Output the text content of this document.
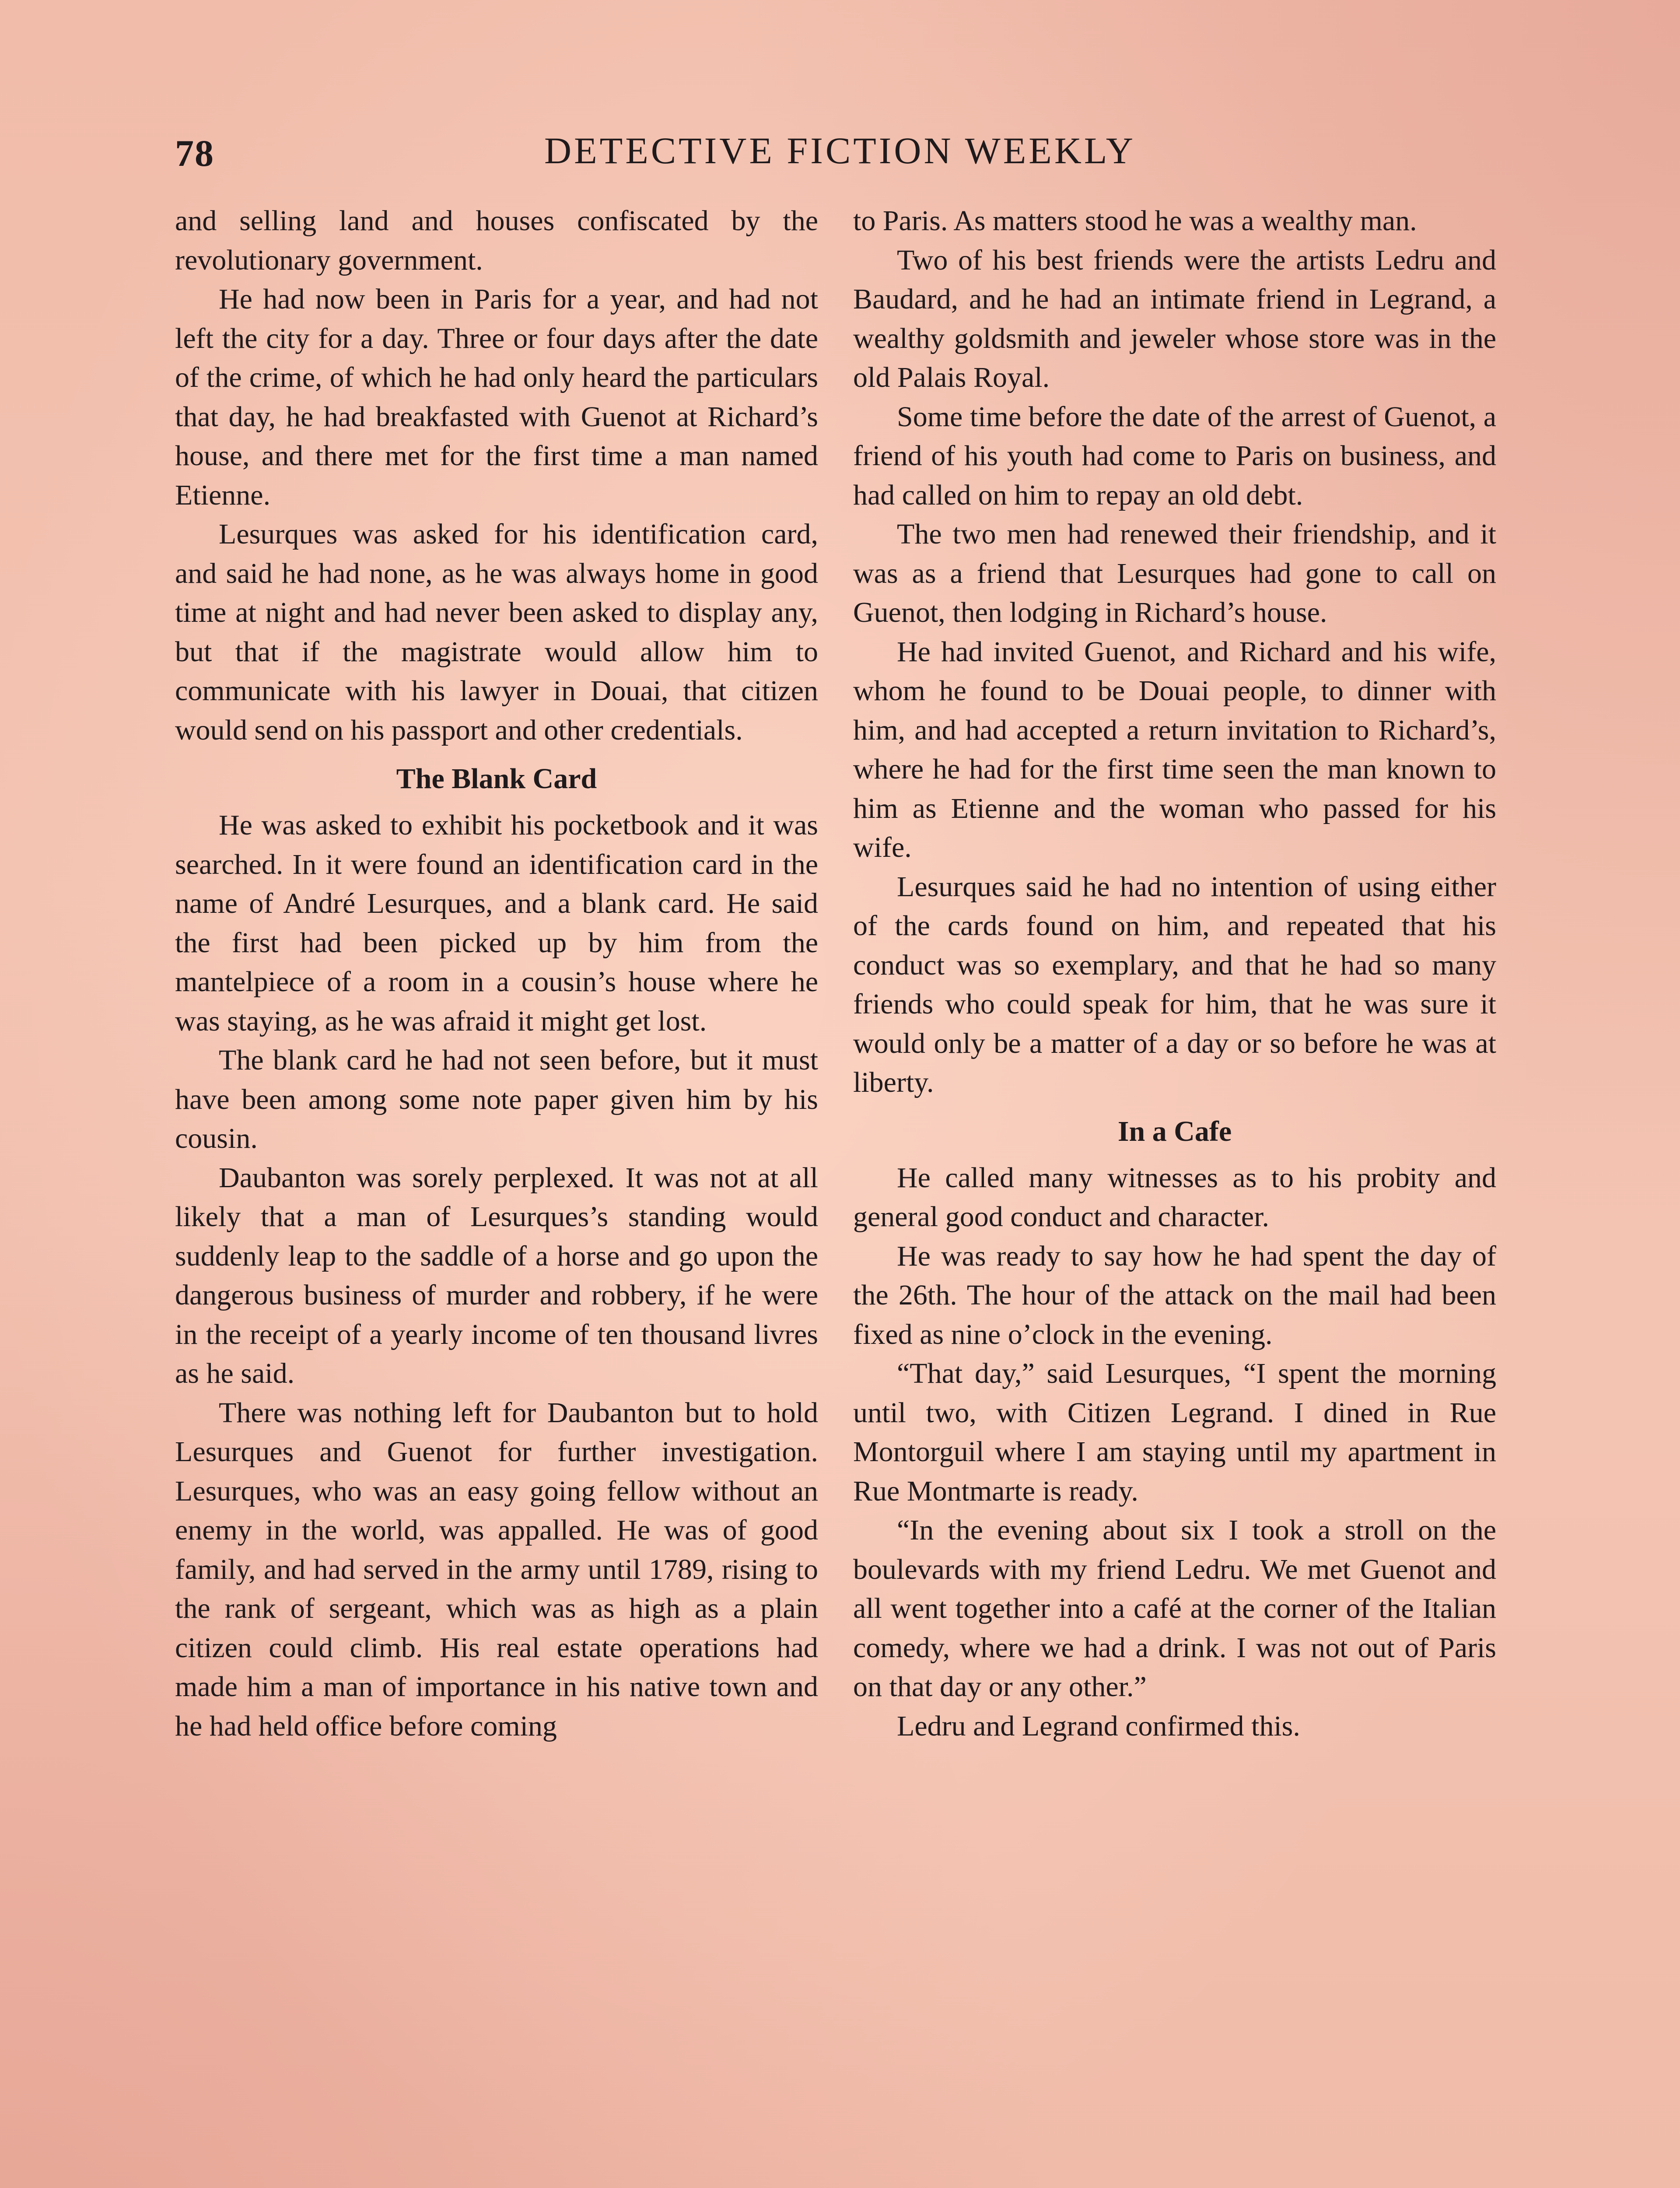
78	DETECTIVE FICTION WEEKLY

and selling land and houses confiscated by the revolutionary government.

He had now been in Paris for a year, and had not left the city for a day. Three or four days after the date of the crime, of which he had only heard the particulars that day, he had breakfasted with Guenot at Richard’s house, and there met for the first time a man named Etienne.

Lesurques was asked for his identification card, and said he had none, as he was always home in good time at night and had never been asked to display any, but that if the magistrate would allow him to communicate with his lawyer in Douai, that citizen would send on his passport and other credentials.

The Blank Card

He was asked to exhibit his pocketbook and it was searched. In it were found an identification card in the name of André Lesurques, and a blank card. He said the first had been picked up by him from the mantelpiece of a room in a cousin’s house where he was staying, as he was afraid it might get lost.

The blank card he had not seen before, but it must have been among some note paper given him by his cousin.

Daubanton was sorely perplexed. It was not at all likely that a man of Lesurques’s standing would suddenly leap to the saddle of a horse and go upon the dangerous business of murder and robbery, if he were in the receipt of a yearly income of ten thousand livres as he said.

There was nothing left for Daubanton but to hold Lesurques and Guenot for further investigation. Lesurques, who was an easy going fellow without an enemy in the world, was appalled. He was of good family, and had served in the army until 1789, rising to the rank of sergeant, which was as high as a plain citizen could climb. His real estate operations had made him a man of importance in his native town and he had held office before coming

to Paris. As matters stood he was a wealthy man.

Two of his best friends were the artists Ledru and Baudard, and he had an intimate friend in Legrand, a wealthy goldsmith and jeweler whose store was in the old Palais Royal.

Some time before the date of the arrest of Guenot, a friend of his youth had come to Paris on business, and had called on him to repay an old debt.

The two men had renewed their friendship, and it was as a friend that Lesurques had gone to call on Guenot, then lodging in Richard’s house.

He had invited Guenot, and Richard and his wife, whom he found to be Douai people, to dinner with him, and had accepted a return invitation to Richard’s, where he had for the first time seen the man known to him as Etienne and the woman who passed for his wife.

Lesurques said he had no intention of using either of the cards found on him, and repeated that his conduct was so exemplary, and that he had so many friends who could speak for him, that he was sure it would only be a matter of a day or so before he was at liberty.

In a Cafe

He called many witnesses as to his probity and general good conduct and character.

He was ready to say how he had spent the day of the 26th. The hour of the attack on the mail had been fixed as nine o’clock in the evening.

“That day,” said Lesurques, “I spent the morning until two, with Citizen Legrand. I dined in Rue Montorguil where I am staying until my apartment in Rue Montmarte is ready.

“In the evening about six I took a stroll on the boulevards with my friend Ledru. We met Guenot and all went together into a café at the corner of the Italian comedy, where we had a drink. I was not out of Paris on that day or any other.”

Ledru and Legrand confirmed this.
